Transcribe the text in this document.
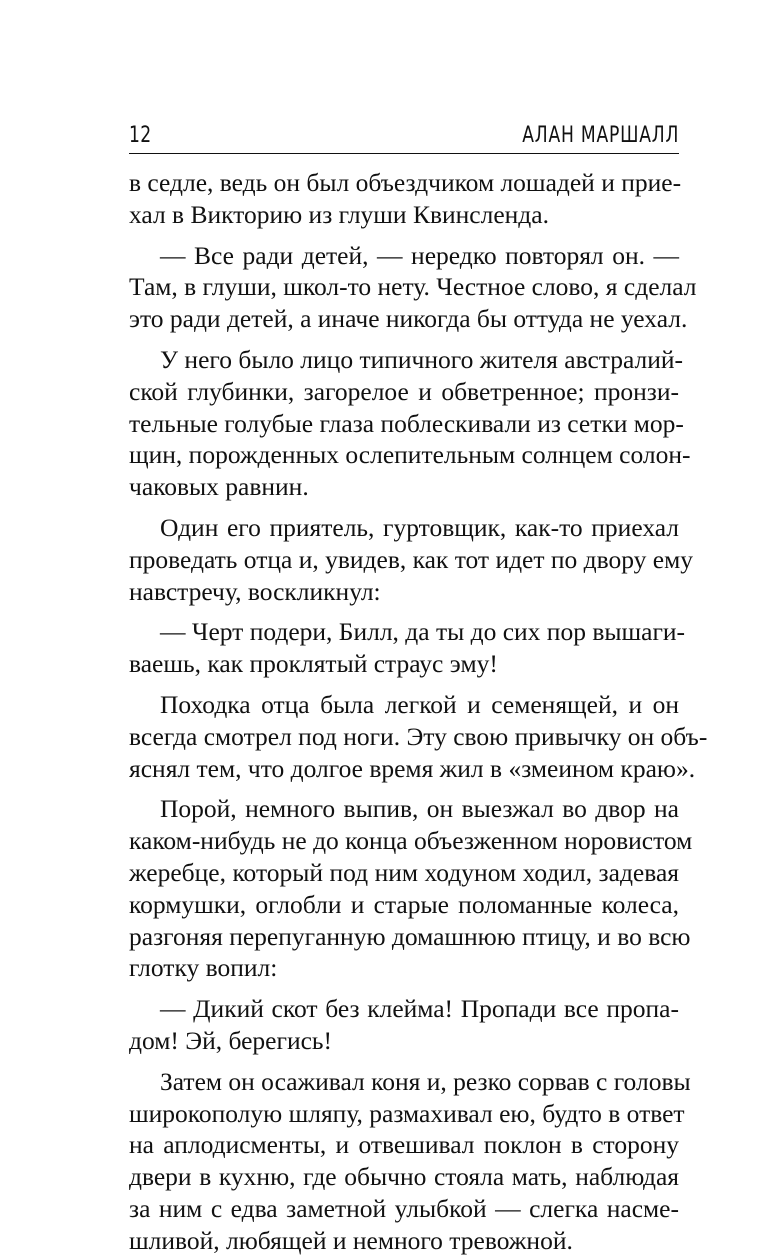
12	АЛАН МАРШАЛЛ
в седле, ведь он был объездчиком лошадей и прие-
хал в Викторию из глуши Квинсленда.
— Все ради детей, — нередко повторял он. —
Там, в глуши, школ-то нету. Честное слово, я сделал
это ради детей, а иначе никогда бы оттуда не уехал.
У него было лицо типичного жителя австралий-
ской глубинки, загорелое и обветренное; пронзи-
тельные голубые глаза поблескивали из сетки мор-
щин, порожденных ослепительным солнцем солон-
чаковых равнин.
Один его приятель, гуртовщик, как-то приехал
проведать отца и, увидев, как тот идет по двору ему
навстречу, воскликнул:
— Черт подери, Билл, да ты до сих пор вышаги-
ваешь, как проклятый страус эму!
Походка отца была легкой и семенящей, и он
всегда смотрел под ноги. Эту свою привычку он объ-
яснял тем, что долгое время жил в «змеином краю».
Порой, немного выпив, он выезжал во двор на
каком-нибудь не до конца объезженном норовистом
жеребце, который под ним ходуном ходил, задевая
кормушки, оглобли и старые поломанные колеса,
разгоняя перепуганную домашнюю птицу, и во всю
глотку вопил:
— Дикий скот без клейма! Пропади все пропа-
дом! Эй, берегись!
Затем он осаживал коня и, резко сорвав с головы
широкополую шляпу, размахивал ею, будто в ответ
на аплодисменты, и отвешивал поклон в сторону
двери в кухню, где обычно стояла мать, наблюдая
за ним с едва заметной улыбкой — слегка насме-
шливой, любящей и немного тревожной.
